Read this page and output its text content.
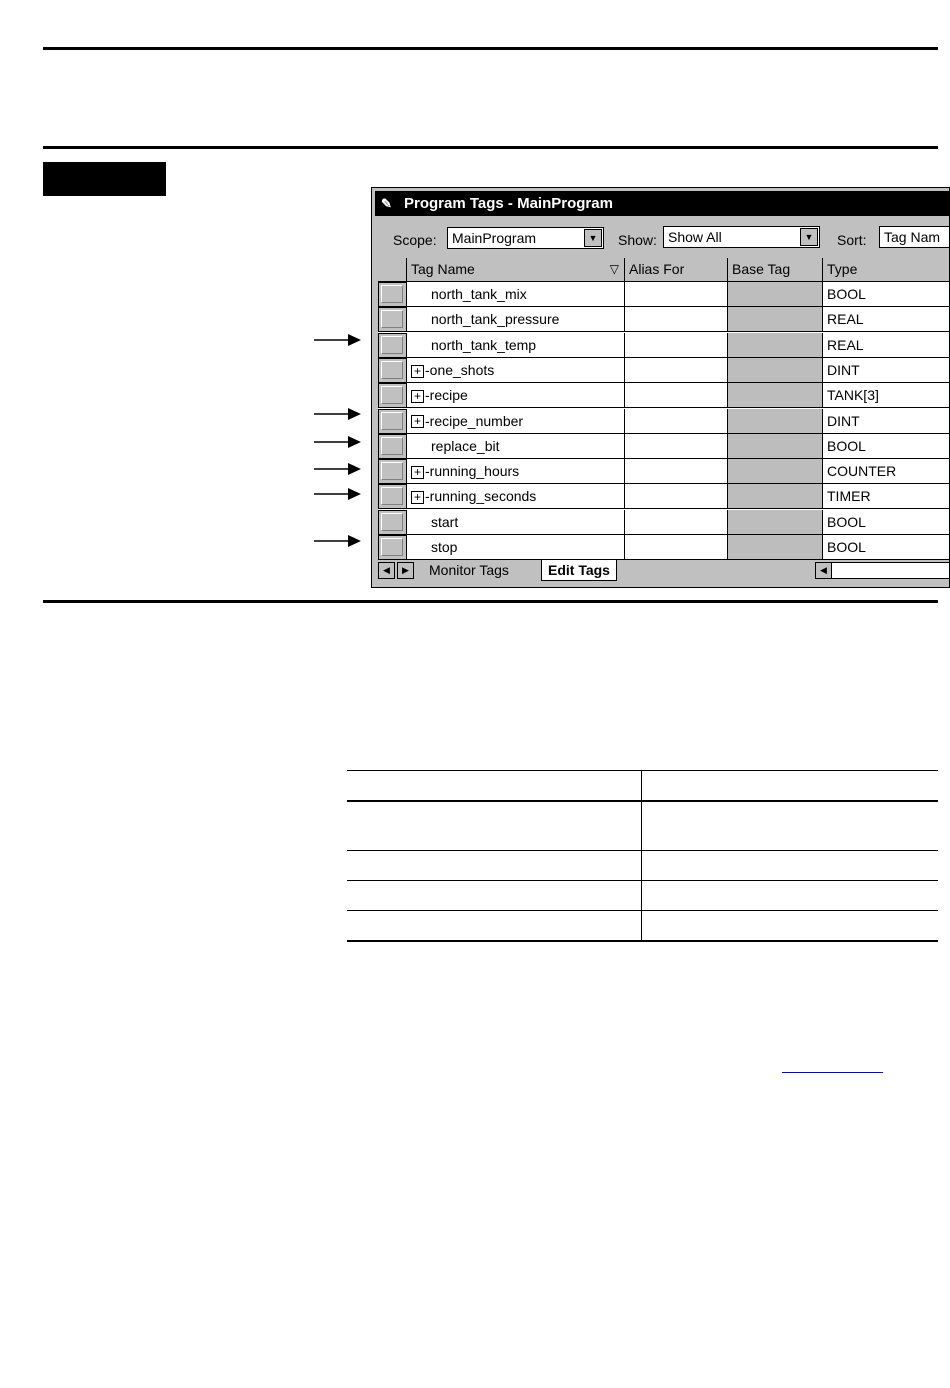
✎ Program Tags - MainProgram
Scope:	MainProgram	▼	Show: Show All	▼	Sort:	Tag Nam
Tag Name	▽ Alias For	Base Tag	Type
north_tank_mix	BOOL
north_tank_pressure	REAL
north_tank_temp	REAL
+ -one_shots	DINT
+ -recipe	TANK[3]
+ -recipe_number	DINT
replace_bit	BOOL
+ -running_hours	COUNTER
+ -running_seconds	TIMER
start	BOOL
stop	BOOL
◀	▶	Monitor Tags	Edit Tags	◀
